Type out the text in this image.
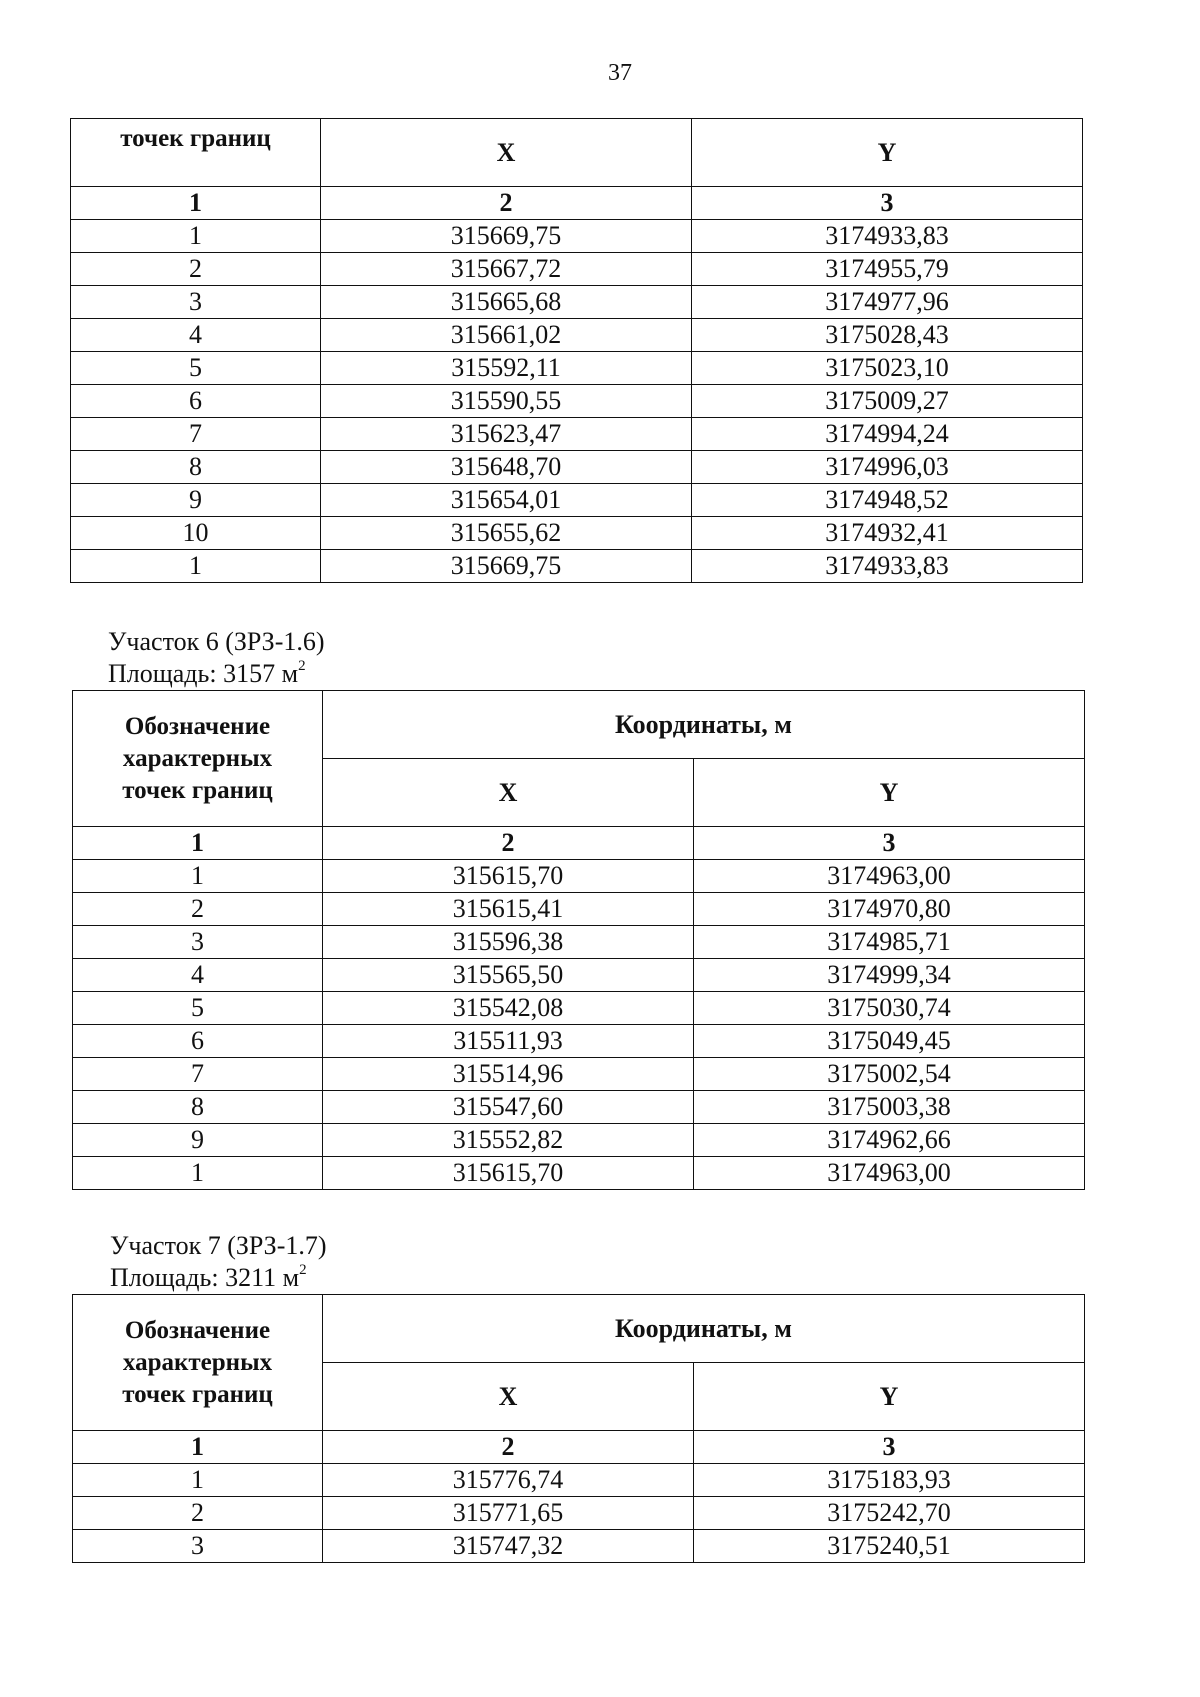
37
точек границ	X	Y
1	2	3
1	315669,75	3174933,83
2	315667,72	3174955,79
3	315665,68	3174977,96
4	315661,02	3175028,43
5	315592,11	3175023,10
6	315590,55	3175009,27
7	315623,47	3174994,24
8	315648,70	3174996,03
9	315654,01	3174948,52
10	315655,62	3174932,41
1	315669,75	3174933,83
Участок 6 (ЗРЗ-1.6)
Площадь: 3157 $м^2$
Обозначение
характерных
точек границ	Координаты, м	
	X	Y
1	2	3
1	315615,70	3174963,00
2	315615,41	3174970,80
3	315596,38	3174985,71
4	315565,50	3174999,34
5	315542,08	3175030,74
6	315511,93	3175049,45
7	315514,96	3175002,54
8	315547,60	3175003,38
9	315552,82	3174962,66
1	315615,70	3174963,00
Участок 7 (ЗРЗ-1.7)
Площадь: 3211 $м^2$
Обозначение
характерных
точек границ	Координаты, м	
	X	Y
1	2	3
1	315776,74	3175183,93
2	315771,65	3175242,70
3	315747,32	3175240,51
